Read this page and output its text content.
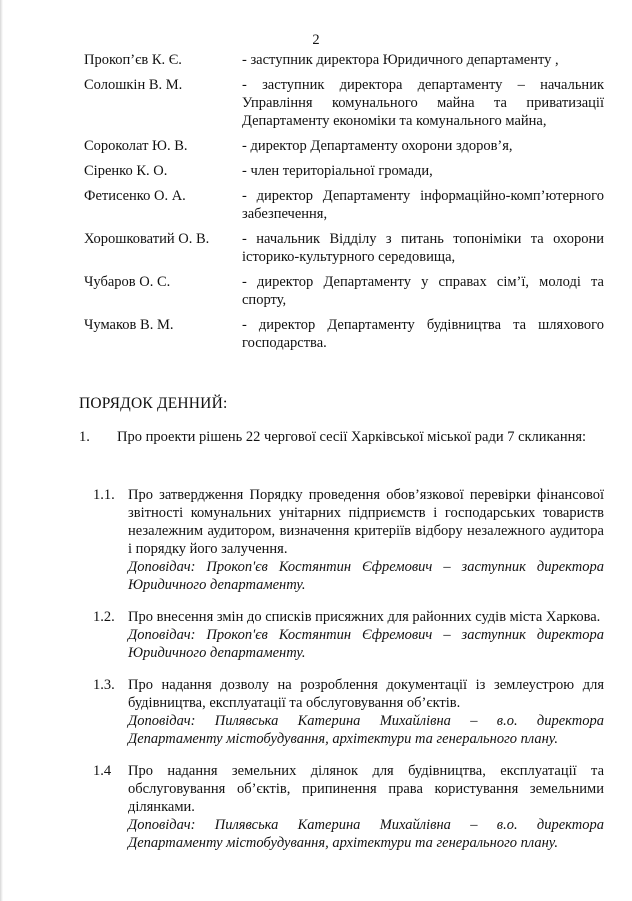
2
Прокоп’єв К. Є.	- заступник директора Юридичного департаменту ,
Солошкін В. М.	- заступник директора департаменту – начальник Управління комунального майна та приватизації Департаменту економіки та комунального майна,
Сороколат Ю. В.	- директор Департаменту охорони здоров’я,
Сіренко К. О.	- член територіальної громади,
Фетисенко О. А.	- директор Департаменту інформаційно-комп’ютерного забезпечення,
Хорошковатий О. В. - начальник Відділу з питань топоніміки та охорони історико-культурного середовища,
Чубаров О. С.	- директор Департаменту у справах сім’ї, молоді та спорту,
Чумаков В. М.	- директор Департаменту будівництва та шляхового господарства.
ПОРЯДОК ДЕННИЙ:
1.	Про проекти рішень 22 чергової сесії Харківської міської ради 7 скликання:
1.1. Про затвердження Порядку проведення обов’язкової перевірки фінансової звітності комунальних унітарних підприємств і господарських товариств незалежним аудитором, визначення критеріїв відбору незалежного аудитора і порядку його залучення.
Доповідач: Прокоп'єв Костянтин Єфремович – заступник директора Юридичного департаменту.
1.2. Про внесення змін до списків присяжних для районних судів міста Харкова.
Доповідач: Прокоп'єв Костянтин Єфремович – заступник директора Юридичного департаменту.
1.3. Про надання дозволу на розроблення документації із землеустрою для будівництва, експлуатації та обслуговування об’єктів.
Доповідач: Пилявська Катерина Михайлівна – в.о. директора Департаменту містобудування, архітектури та генерального плану.
1.4 Про надання земельних ділянок для будівництва, експлуатації та обслуговування об’єктів, припинення права користування земельними ділянками.
Доповідач: Пилявська Катерина Михайлівна – в.о. директора Департаменту містобудування, архітектури та генерального плану.
